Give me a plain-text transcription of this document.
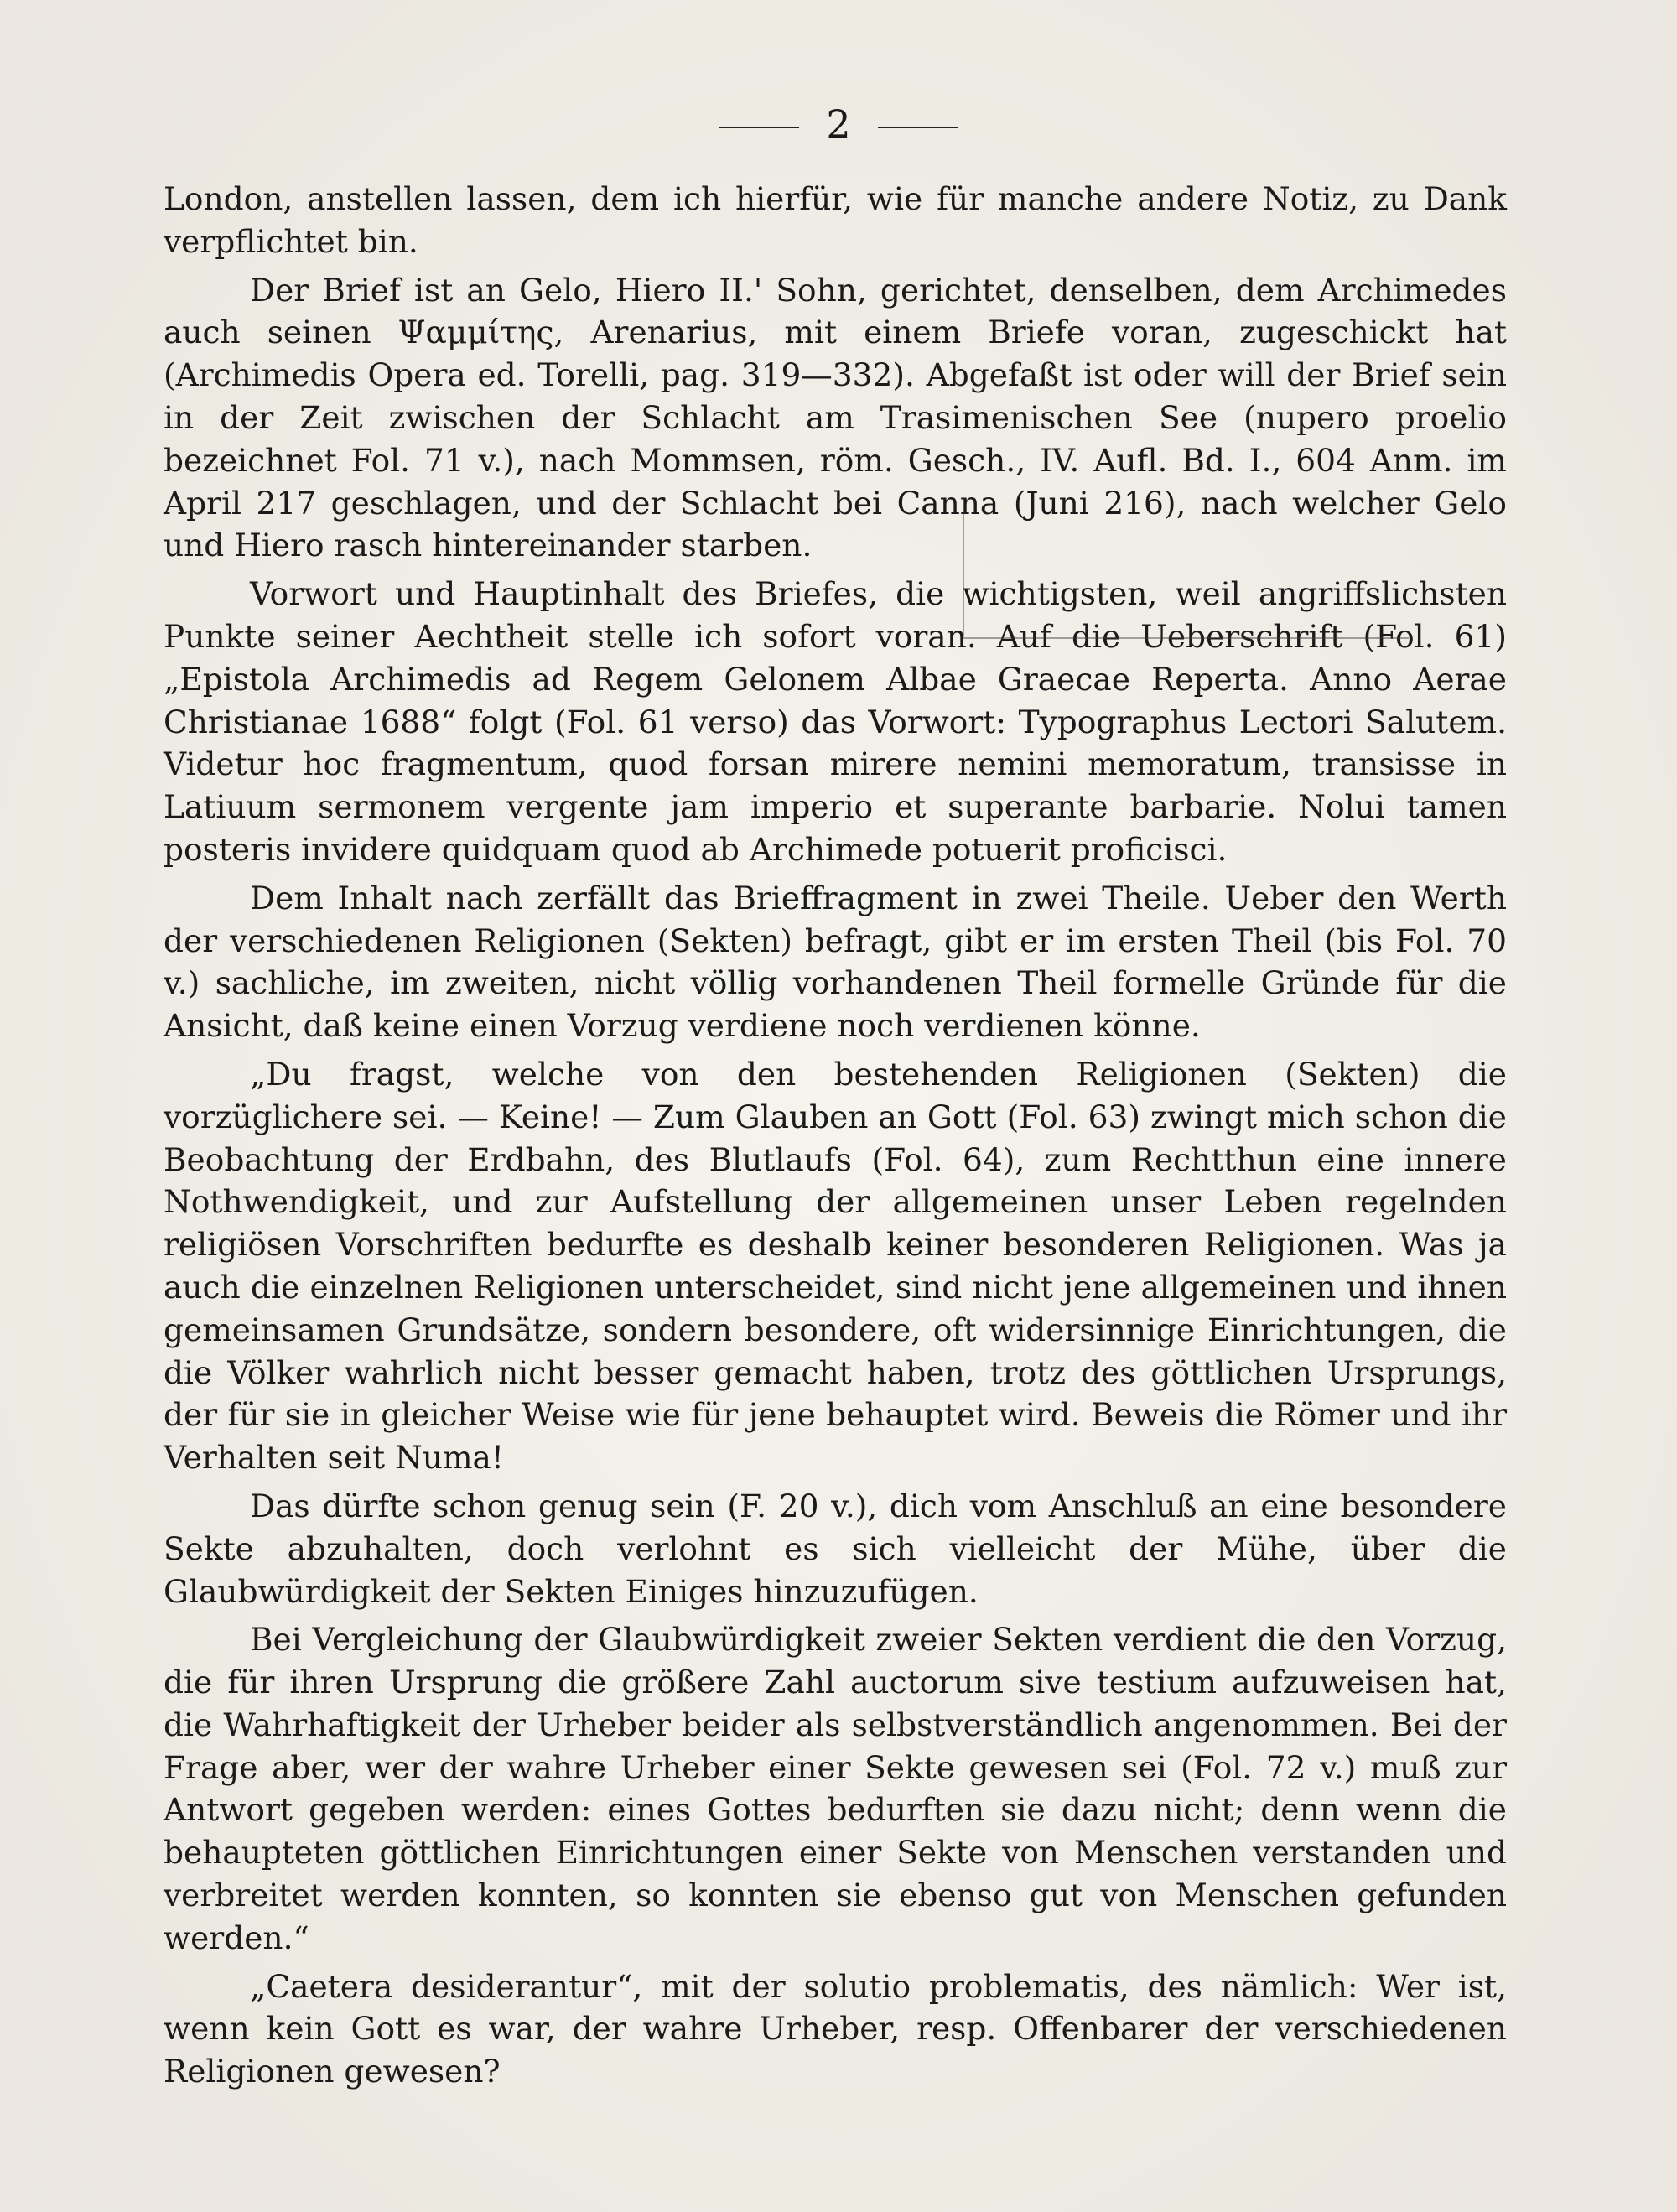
2

London, anstellen lassen, dem ich hierfür, wie für manche andere Notiz, zu Dank verpflichtet bin.

Der Brief ist an Gelo, Hiero II.' Sohn, gerichtet, denselben, dem Archimedes auch seinen Ψαμμίτης, Arenarius, mit einem Briefe voran, zugeschickt hat (Archimedis Opera ed. Torelli, pag. 319—332). Abgefaßt ist oder will der Brief sein in der Zeit zwischen der Schlacht am Trasimenischen See (nupero proelio bezeichnet Fol. 71 v.), nach Mommsen, röm. Gesch., IV. Aufl. Bd. I., 604 Anm. im April 217 geschlagen, und der Schlacht bei Canna (Juni 216), nach welcher Gelo und Hiero rasch hintereinander starben.

Vorwort und Hauptinhalt des Briefes, die wichtigsten, weil angriffslichsten Punkte seiner Aechtheit stelle ich sofort voran. Auf die Ueberschrift (Fol. 61) „Epistola Archimedis ad Regem Gelonem Albae Graecae Reperta. Anno Aerae Christianae 1688“ folgt (Fol. 61 verso) das Vorwort: Typographus Lectori Salutem. Videtur hoc fragmentum, quod forsan mirere nemini memoratum, transisse in Latiuum sermonem vergente jam imperio et superante barbarie. Nolui tamen posteris invidere quidquam quod ab Archimede potuerit proficisci.

Dem Inhalt nach zerfällt das Brieffragment in zwei Theile. Ueber den Werth der verschiedenen Religionen (Sekten) befragt, gibt er im ersten Theil (bis Fol. 70 v.) sachliche, im zweiten, nicht völlig vorhandenen Theil formelle Gründe für die Ansicht, daß keine einen Vorzug verdiene noch verdienen könne.

„Du fragst, welche von den bestehenden Religionen (Sekten) die vorzüglichere sei. — Keine! — Zum Glauben an Gott (Fol. 63) zwingt mich schon die Beobachtung der Erdbahn, des Blutlaufs (Fol. 64), zum Rechtthun eine innere Nothwendigkeit, und zur Aufstellung der allgemeinen unser Leben regelnden religiösen Vorschriften bedurfte es deshalb keiner besonderen Religionen. Was ja auch die einzelnen Religionen unterscheidet, sind nicht jene allgemeinen und ihnen gemeinsamen Grundsätze, sondern besondere, oft widersinnige Einrichtungen, die die Völker wahrlich nicht besser gemacht haben, trotz des göttlichen Ursprungs, der für sie in gleicher Weise wie für jene behauptet wird. Beweis die Römer und ihr Verhalten seit Numa!

Das dürfte schon genug sein (F. 20 v.), dich vom Anschluß an eine besondere Sekte abzuhalten, doch verlohnt es sich vielleicht der Mühe, über die Glaubwürdigkeit der Sekten Einiges hinzuzufügen.

Bei Vergleichung der Glaubwürdigkeit zweier Sekten verdient die den Vorzug, die für ihren Ursprung die größere Zahl auctorum sive testium aufzuweisen hat, die Wahrhaftigkeit der Urheber beider als selbstverständlich angenommen. Bei der Frage aber, wer der wahre Urheber einer Sekte gewesen sei (Fol. 72 v.) muß zur Antwort gegeben werden: eines Gottes bedurften sie dazu nicht; denn wenn die behaupteten göttlichen Einrichtungen einer Sekte von Menschen verstanden und verbreitet werden konnten, so konnten sie ebenso gut von Menschen gefunden werden.“

„Caetera desiderantur“, mit der solutio problematis, des nämlich: Wer ist, wenn kein Gott es war, der wahre Urheber, resp. Offenbarer der verschiedenen Religionen gewesen?
